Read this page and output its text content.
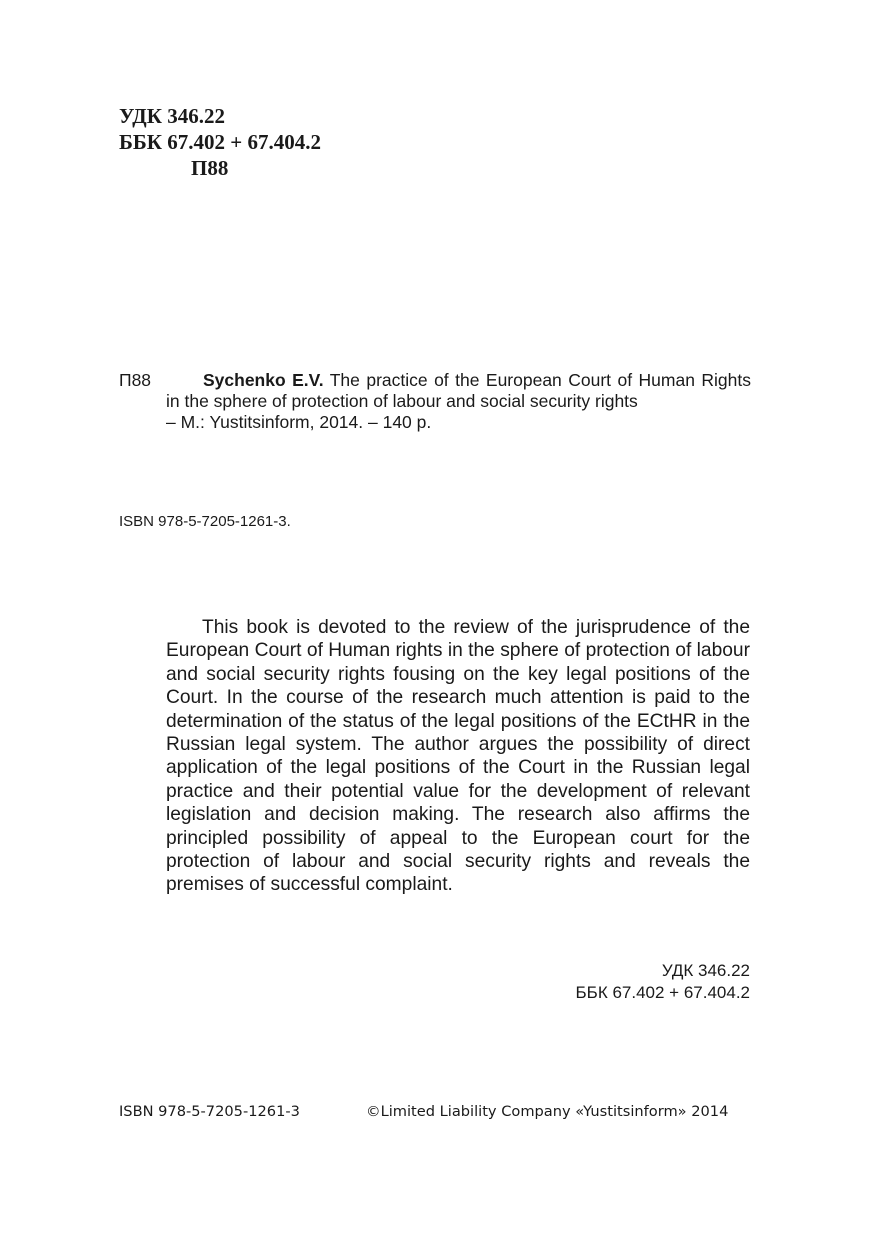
УДК 346.22
ББК 67.402 + 67.404.2
П88
П88	Sychenko E.V. The practice of the European Court of Human Rights in the sphere of protection of labour and social security rights
– M.: Yustitsinform, 2014. – 140 p.
ISBN 978-5-7205-1261-3.

This book is devoted to the review of the jurisprudence of the European Court of Human rights in the sphere of protection of labour and social security rights fousing on the key legal positions of the Court. In the course of the research much attention is paid to the determination of the status of the legal positions of the ECtHR in the Russian legal system. The author argues the possibility of direct application of the legal positions of the Court in the Russian legal practice and their potential value for the development of relevant legislation and decision making. The research also affirms the principled possibility of appeal to the European court for the protection of labour and social security rights and reveals the premises of successful complaint.

УДК 346.22
ББК 67.402 + 67.404.2
ISBN 978-5-7205-1261-3	©Limited Liability Company «Yustitsinform» 2014
